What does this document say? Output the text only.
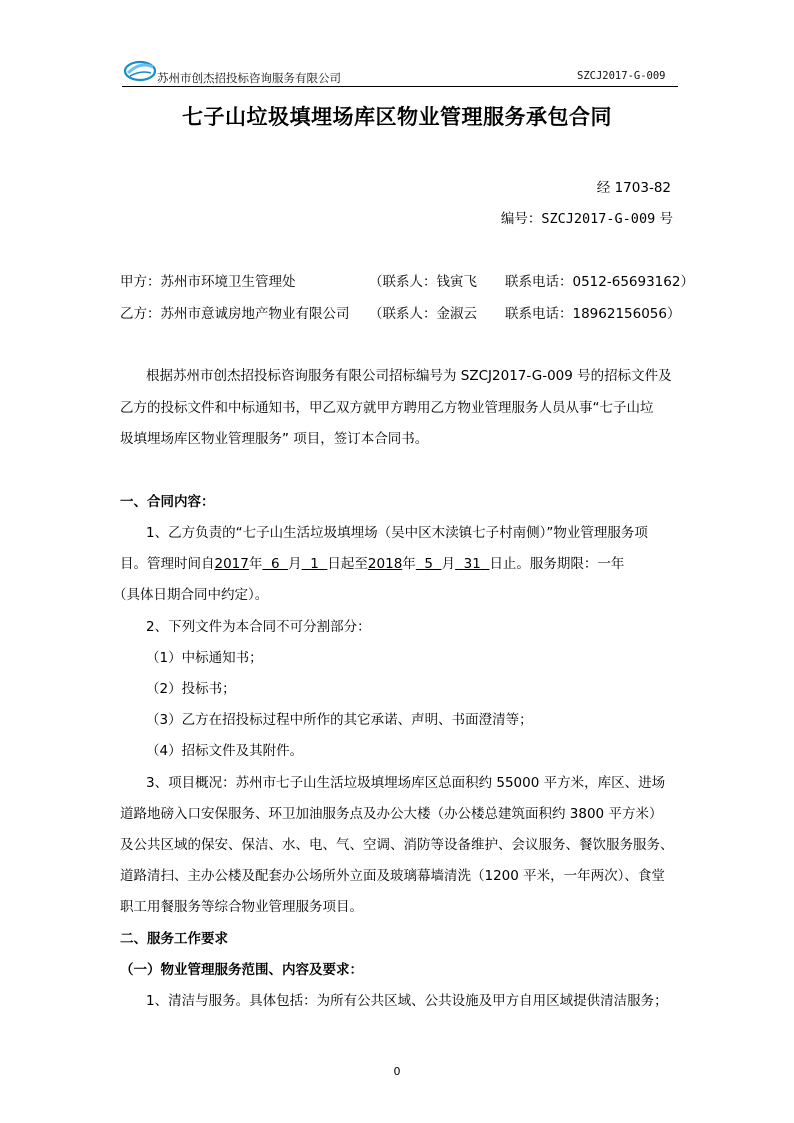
苏州市创杰招投标咨询服务有限公司	SZCJ2017-G-009
七子山垃圾填埋场库区物业管理服务承包合同
经 1703-82
编号：SZCJ2017-G-009 号
甲方：苏州市环境卫生管理处	（联系人：钱寅飞 联系电话：0512-65693162）
乙方：苏州市意诚房地产物业有限公司 （联系人：金淑云 联系电话：18962156056）
根据苏州市创杰招投标咨询服务有限公司招标编号为 SZCJ2017-G-009 号的招标文件及
乙方的投标文件和中标通知书，甲乙双方就甲方聘用乙方物业管理服务人员从事“七子山垃
圾填埋场库区物业管理服务” 项目，签订本合同书。
一、合同内容：
1、乙方负责的“七子山生活垃圾填埋场（吴中区木渎镇七子村南侧）”物业管理服务项
目。管理时间自2017年 6 月 1 日起至2018年 5 月 31 日止。服务期限：一年
（具体日期合同中约定）。
2、下列文件为本合同不可分割部分：
（1）中标通知书；
（2）投标书；
（3）乙方在招投标过程中所作的其它承诺、声明、书面澄清等；
（4）招标文件及其附件。
3、项目概况：苏州市七子山生活垃圾填埋场库区总面积约 55000 平方米，库区、进场
道路地磅入口安保服务、环卫加油服务点及办公大楼（办公楼总建筑面积约 3800 平方米）
及公共区域的保安、保洁、水、电、气、空调、消防等设备维护、会议服务、餐饮服务服务、
道路清扫、主办公楼及配套办公场所外立面及玻璃幕墙清洗（1200 平米，一年两次）、食堂
职工用餐服务等综合物业管理服务项目。
二、服务工作要求
（一）物业管理服务范围、内容及要求：
1、清洁与服务。具体包括：为所有公共区域、公共设施及甲方自用区域提供清洁服务；
0
